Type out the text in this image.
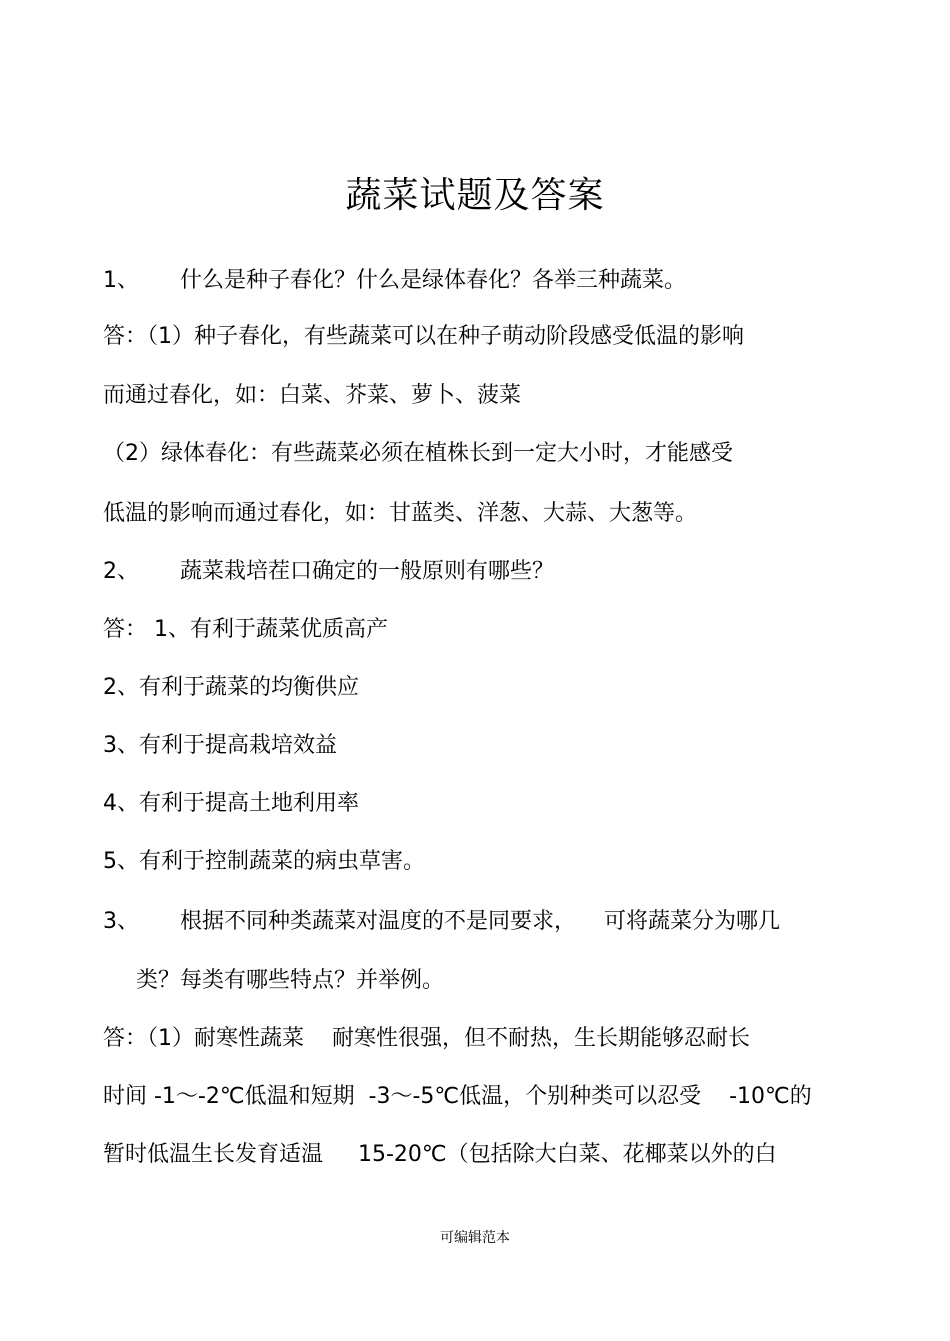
蔬菜试题及答案
1、 什么是种子春化？什么是绿体春化？各举三种蔬菜。
答：（1）种子春化，有些蔬菜可以在种子萌动阶段感受低温的影响
而通过春化，如：白菜、芥菜、萝卜、菠菜
（2）绿体春化：有些蔬菜必须在植株长到一定大小时，才能感受
低温的影响而通过春化，如：甘蓝类、洋葱、大蒜、大葱等。
2、 蔬菜栽培茬口确定的一般原则有哪些？
答： 1、有利于蔬菜优质高产
2、有利于蔬菜的均衡供应
3、有利于提高栽培效益
4、有利于提高土地利用率
5、有利于控制蔬菜的病虫草害。
3、 根据不同种类蔬菜对温度的不是同要求，    可将蔬菜分为哪几
类？每类有哪些特点？并举例。
答：（1）耐寒性蔬菜    耐寒性很强，但不耐热，生长期能够忍耐长
时间 -1～-2℃低温和短期  -3～-5℃低温，个别种类可以忍受    -10℃的
暂时低温生长发育适温     15-20℃（包括除大白菜、花椰菜以外的白
可编辑范本
